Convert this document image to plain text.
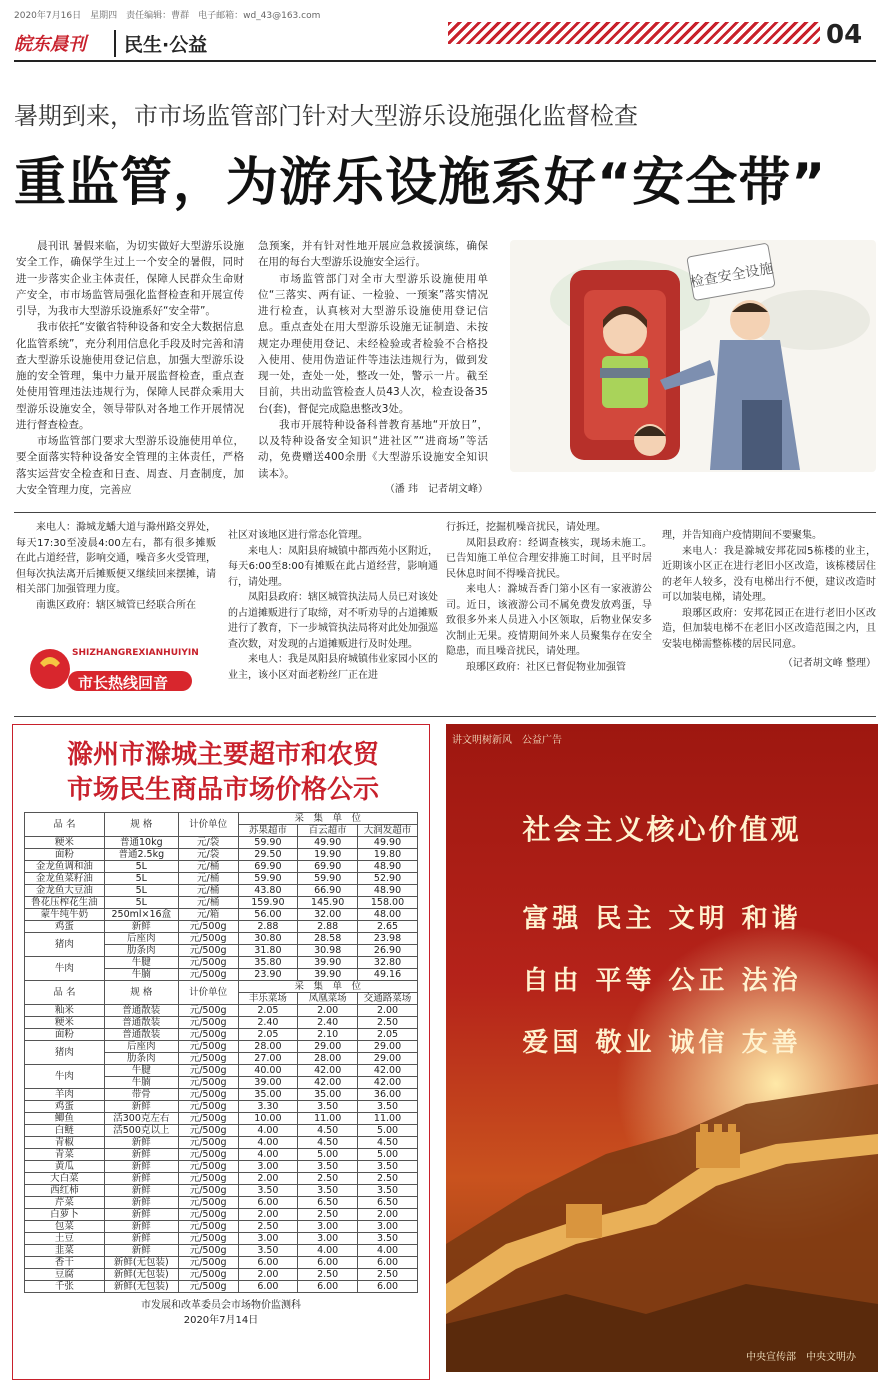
2020年7月16日　星期四　责任编辑：曹群　电子邮箱：wd_43@163.com
04
皖东晨刊	民生·公益
暑期到来，市市场监管部门针对大型游乐设施强化监督检查
重监管，为游乐设施系好“安全带”

晨刊讯 暑假来临，为切实做好大型游乐设施安全工作，确保学生过上一个安全的暑假，同时进一步落实企业主体责任，保障人民群众生命财产安全，市市场监管局强化监督检查和开展宣传引导，为我市大型游乐设施系好“安全带”。

我市依托“安徽省特种设备和安全大数据信息化监管系统”，充分利用信息化手段及时完善和清查大型游乐设施使用登记信息，加强大型游乐设施的安全管理，集中力量开展监督检查，重点查处使用管理违法违规行为，保障人民群众乘用大型游乐设施安全，领导带队对各地工作开展情况进行督查检查。

市场监管部门要求大型游乐设施使用单位，要全面落实特种设备安全管理的主体责任，严格落实运营安全检查和日查、周查、月查制度，加大安全管理力度，完善应

急预案，并有针对性地开展应急救援演练，确保在用的每台大型游乐设施安全运行。

市场监管部门对全市大型游乐设施使用单位“三落实、两有证、一检验、一预案”落实情况进行检查，认真核对大型游乐设施使用登记信息。重点查处在用大型游乐设施无证制造、未按规定办理使用登记、未经检验或者检验不合格投入使用、使用伪造证件等违法违规行为，做到发现一处，查处一处，整改一处，警示一片。截至目前，共出动监管检查人员43人次，检查设备35台(套)，督促完成隐患整改3处。

我市开展特种设备科普教育基地“开放日”，以及特种设备安全知识“进社区”“进商场”等活动，免费赠送400余册《大型游乐设施安全知识读本》。

（潘 玮　记者胡文峰）
检查安全设施

来电人：滁城龙蟠大道与滁州路交界处，每天17:30至凌晨4:00左右，都有很多摊贩在此占道经营，影响交通，噪音多火受管理，但每次执法离开后摊贩便又继续回来摆摊，请相关部门加强管理力度。

南谯区政府：辖区城管已经联合所在

SHIZHANGREXIANHUIYIN
市长热线回音

社区对该地区进行常态化管理。

来电人：凤阳县府城镇中都西苑小区附近，每天6:00至8:00有摊贩在此占道经营，影响通行，请处理。

凤阳县政府：辖区城管执法局人员已对该处的占道摊贩进行了取缔，对不听劝导的占道摊贩进行了教育，下一步城管执法局将对此处加强巡查次数，对发现的占道摊贩进行及时处理。

来电人：我是凤阳县府城镇伟业家园小区的业主，该小区对面老粉丝厂正在进

行拆迁，挖掘机噪音扰民，请处理。

凤阳县政府：经调查核实，现场未施工。已告知施工单位合理安排施工时间，且平时居民休息时间不得噪音扰民。

来电人：滁城吾香门第小区有一家液游公司。近日，该液游公司不属免费发放鸡蛋，导致很多外来人员进入小区领取，后物业保安多次制止无果。疫情期间外来人员聚集存在安全隐患，而且噪音扰民，请处理。

琅琊区政府：社区已督促物业加强管

理，并告知商户疫情期间不要聚集。

来电人：我是滁城安邦花园5栋楼的业主，近期该小区正在进行老旧小区改造，该栋楼居住的老年人较多，没有电梯出行不便，建议改造时可以加装电梯，请处理。

琅琊区政府：安邦花园正在进行老旧小区改造，但加装电梯不在老旧小区改造范围之内，且安装电梯需整栋楼的居民同意。

（记者胡文峰 整理）
滁州市滁城主要超市和农贸
市场民生商品市场价格公示
品 名	规 格	计价单位	采　集　单　位		
			苏果超市	百云超市	大润发超市
粳米	普通10kg	元/袋	59.90	49.90	49.90
面粉	普通2.5kg	元/袋	29.50	19.90	19.80
金龙鱼调和油	5L	元/桶	69.90	69.90	48.90
金龙鱼菜籽油	5L	元/桶	59.90	59.90	52.90
金龙鱼大豆油	5L	元/桶	43.80	66.90	48.90
鲁花压榨花生油	5L	元/桶	159.90	145.90	158.00
蒙牛纯牛奶	250ml×16盒	元/箱	56.00	32.00	48.00
鸡蛋	新鲜	元/500g	2.88	2.88	2.65
猪肉	后座肉	元/500g	30.80	28.58	23.98
	肋条肉	元/500g	31.80	30.98	26.90
牛肉	牛腱	元/500g	35.80	39.90	32.80
	牛腩	元/500g	23.90	39.90	49.16
品 名	规 格	计价单位	采　集　单　位		
			丰乐菜场	凤凰菜场	交通路菜场
籼米	普通散装	元/500g	2.05	2.00	2.00
粳米	普通散装	元/500g	2.40	2.40	2.50
面粉	普通散装	元/500g	2.05	2.10	2.05
猪肉	后座肉	元/500g	28.00	29.00	29.00
	肋条肉	元/500g	27.00	28.00	29.00
牛肉	牛腱	元/500g	40.00	42.00	42.00
	牛腩	元/500g	39.00	42.00	42.00
羊肉	带骨	元/500g	35.00	35.00	36.00
鸡蛋	新鲜	元/500g	3.30	3.50	3.50
鲫鱼	活300克左右	元/500g	10.00	11.00	11.00
白鲢	活500克以上	元/500g	4.00	4.50	5.00
青椒	新鲜	元/500g	4.00	4.50	4.50
青菜	新鲜	元/500g	4.00	5.00	5.00
黄瓜	新鲜	元/500g	3.00	3.50	3.50
大白菜	新鲜	元/500g	2.00	2.50	2.50
西红柿	新鲜	元/500g	3.50	3.50	3.50
芹菜	新鲜	元/500g	6.00	6.50	6.50
白萝卜	新鲜	元/500g	2.00	2.50	2.00
包菜	新鲜	元/500g	2.50	3.00	3.00
土豆	新鲜	元/500g	3.00	3.00	3.50
韭菜	新鲜	元/500g	3.50	4.00	4.00
香干	新鲜(无包装)	元/500g	6.00	6.00	6.00
豆腐	新鲜(无包装)	元/500g	2.00	2.50	2.50
千张	新鲜(无包装)	元/500g	6.00	6.00	6.00
市发展和改革委员会市场物价监测科
2020年7月14日
讲文明树新风　公益广告
社会主义核心价值观
富强 民主 文明 和谐
自由 平等 公正 法治
爱国 敬业 诚信 友善
中央宣传部　中央文明办
